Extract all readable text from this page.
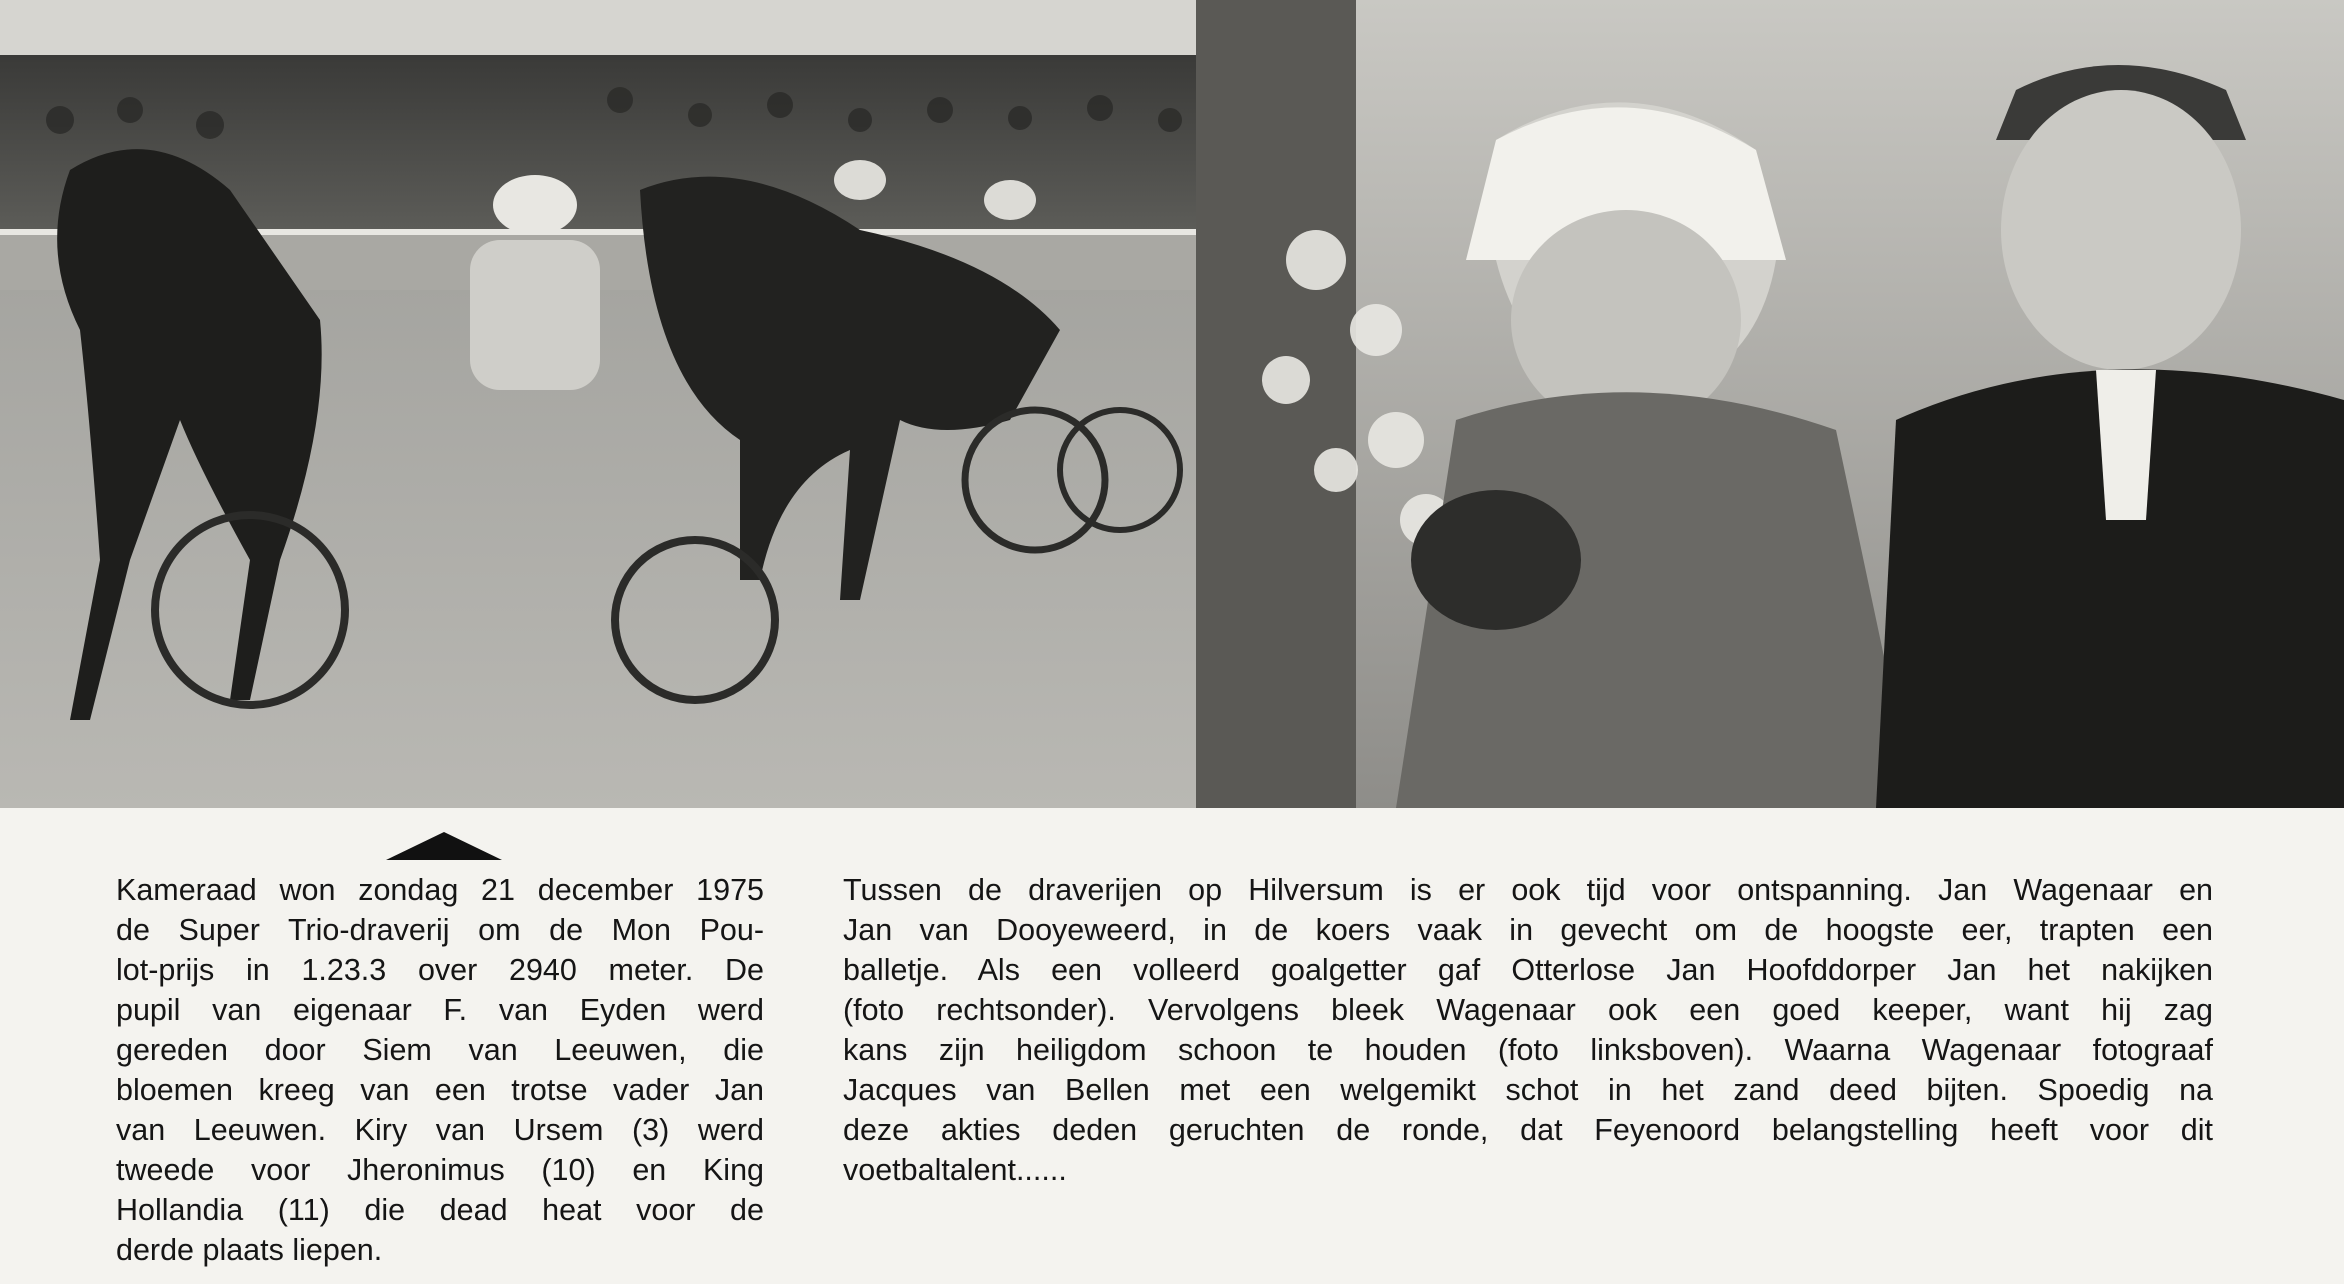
Kameraad won zondag 21 december 1975
de Super Trio-draverij om de Mon Pou-
lot-prijs in 1.23.3 over 2940 meter. De
pupil van eigenaar F. van Eyden werd
gereden door Siem van Leeuwen, die
bloemen kreeg van een trotse vader Jan
van Leeuwen. Kiry van Ursem (3) werd
tweede voor Jheronimus (10) en King
Hollandia (11) die dead heat voor de
derde plaats liepen.
Tussen de draverijen op Hilversum is er ook tijd voor ontspanning. Jan Wagenaar en
Jan van Dooyeweerd, in de koers vaak in gevecht om de hoogste eer, trapten een
balletje. Als een volleerd goalgetter gaf Otterlose Jan Hoofddorper Jan het nakijken
(foto rechtsonder). Vervolgens bleek Wagenaar ook een goed keeper, want hij zag
kans zijn heiligdom schoon te houden (foto linksboven). Waarna Wagenaar fotograaf
Jacques van Bellen met een welgemikt schot in het zand deed bijten. Spoedig na
deze akties deden geruchten de ronde, dat Feyenoord belangstelling heeft voor dit
voetbaltalent......
